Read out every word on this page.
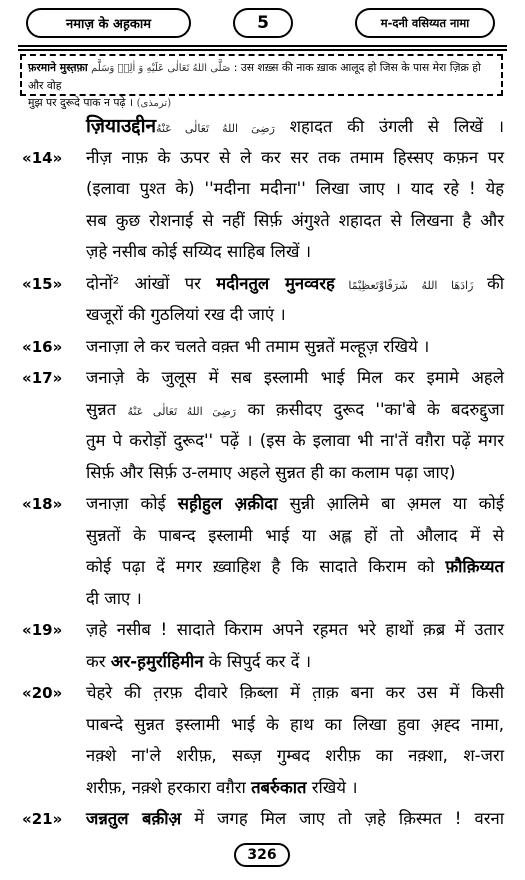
नमाज़ के अह़काम	5	म-दनी वसिय्यत नामा
फ़रमाने मुस्त़फ़ा صَلَّى اللهُ تَعَالٰی عَلَیْهِ وَ اٰلِهٖ وَسَلَّم : उस शख़्स की नाक ख़ाक आलूद हो जिस के पास मेरा ज़िक्र हो और वोह
मुझ पर दुरूदे पाक न पढ़े । (ترمذی)
ज़ियाउद्दीनرَضِیَ اللهُ تَعَالٰی عَنْهُ शहादत की उंगली से लिखें ।
«14» नीज़ नाफ़ के ऊपर से ले कर सर तक तमाम हिस्सए कफ़न पर
(इलावा पुश्त के) ''मदीना मदीना'' लिखा जाए । याद रहे ! येह
सब कुछ रोशनाई से नहीं सिर्फ़ अंगुश्ते शहादत से लिखना है और
ज़हे नसीब कोई सय्यिद साहिब लिखें ।
«15» दोनों² आंखों पर मदीनतुल मुनव्वरह زَادَهَا اللهُ شَرَفًاوَّتَعظِیْمًا की
खजूरों की गुठलियां रख दी जाएं ।
«16» जनाज़ा ले कर चलते वक़्त भी तमाम सुन्नतें मल्हूज़ रखिये ।
«17» जनाज़े के जुलूस में सब इस्लामी भाई मिल कर इमामे अहले
सुन्नत رَضِیَ اللهُ تَعَالٰی عَنْهُ का क़सीदए दुरूद ''का'बे के बदरुद्दुजा
तुम पे करोड़ों दुरूद'' पढ़ें । (इस के इलावा भी ना'तें वग़ैरा पढ़ें मगर
सिर्फ़ और सिर्फ़ उ-लमाए अहले सुन्नत ही का कलाम पढ़ा जाए)
«18» जनाज़ा कोई सह़ीहुल अ़क़ीदा सुन्नी आ़लिमे बा अ़मल या कोई
सुन्नतों के पाबन्द इस्लामी भाई या अह्ल हों तो औलाद में से
कोई पढ़ा दें मगर ख़्वाहिश है कि सादाते किराम को फ़ौक़िय्यत
दी जाए ।
«19» ज़हे नसीब ! सादाते किराम अपने रह़मत भरे हाथों क़ब्र में उतार
कर अर-ह़मुर्राहिमीन के सिपुर्द कर दें ।
«20» चेहरे की त़रफ़ दीवारे क़िब्ला में त़ाक़ बना कर उस में किसी
पाबन्दे सुन्नत इस्लामी भाई के हाथ का लिखा हुवा अ़ह्द नामा,
नक़्शे ना'ले शरीफ़, सब्ज़ गुम्बद शरीफ़ का नक़्शा, श-जरा
शरीफ़, नक़्शे हरकारा वग़ैरा तबर्रुकात रखिये ।
«21» जन्नतुल बक़ीअ़ में जगह मिल जाए तो ज़हे क़िस्मत ! वरना
326
